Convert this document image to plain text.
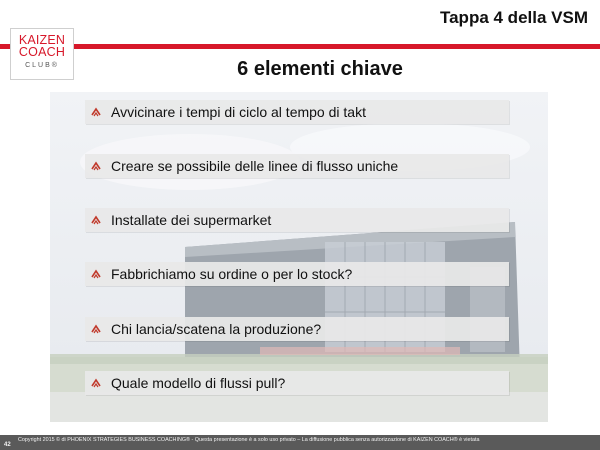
Tappa 4 della VSM
KAIZEN
COACH
CLUB®	6 elementi chiave
Avvicinare i tempi di ciclo al tempo di takt
Creare se possibile delle linee di flusso uniche
Installate dei supermarket
Fabbrichiamo su ordine o per lo stock?
Chi lancia/scatena la produzione?
Quale modello di flussi pull?
42
Copyright 2015 © di PHOENIX STRATEGIES BUSINESS COACHING® - Questa presentazione è a solo uso privato – La diffusione pubblica senza autorizzazione di KAIZEN COACH® è vietata
